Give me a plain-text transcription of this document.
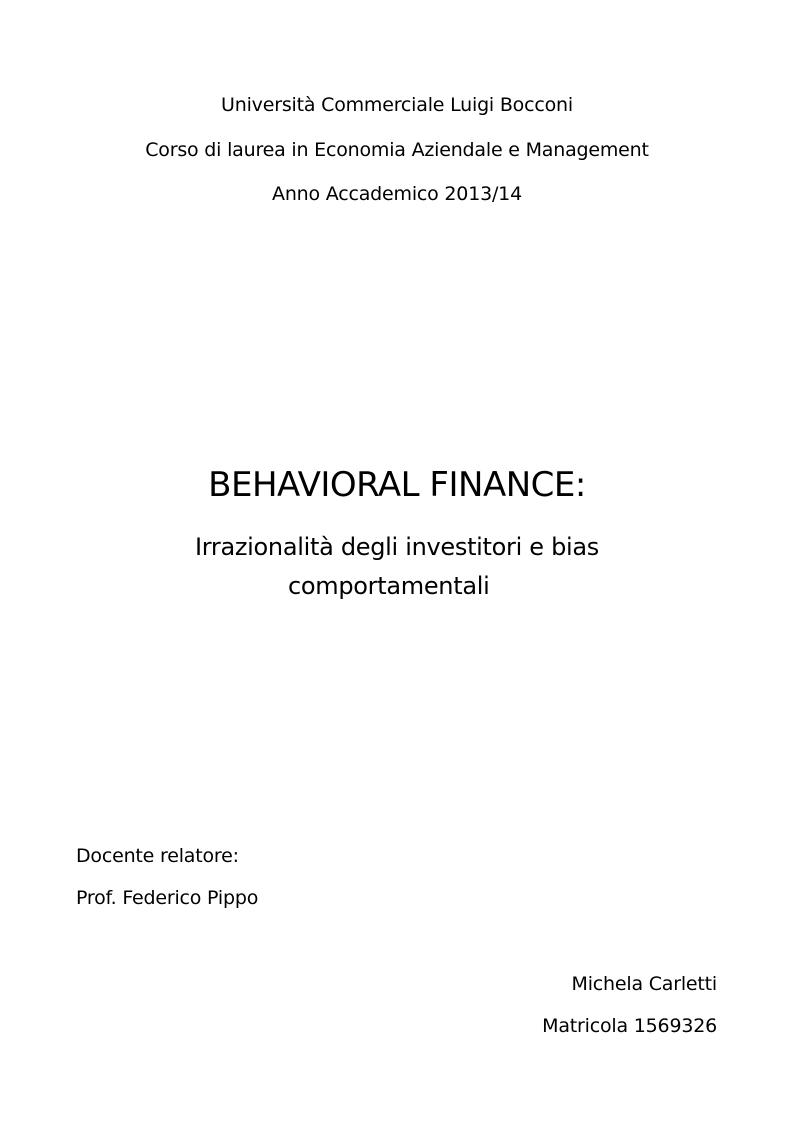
Università Commerciale Luigi Bocconi
Corso di laurea in Economia Aziendale e Management
Anno Accademico 2013/14
BEHAVIORAL FINANCE:
Irrazionalità degli investitori e bias
comportamentali
Docente relatore:
Prof. Federico Pippo
Michela Carletti
Matricola 1569326
